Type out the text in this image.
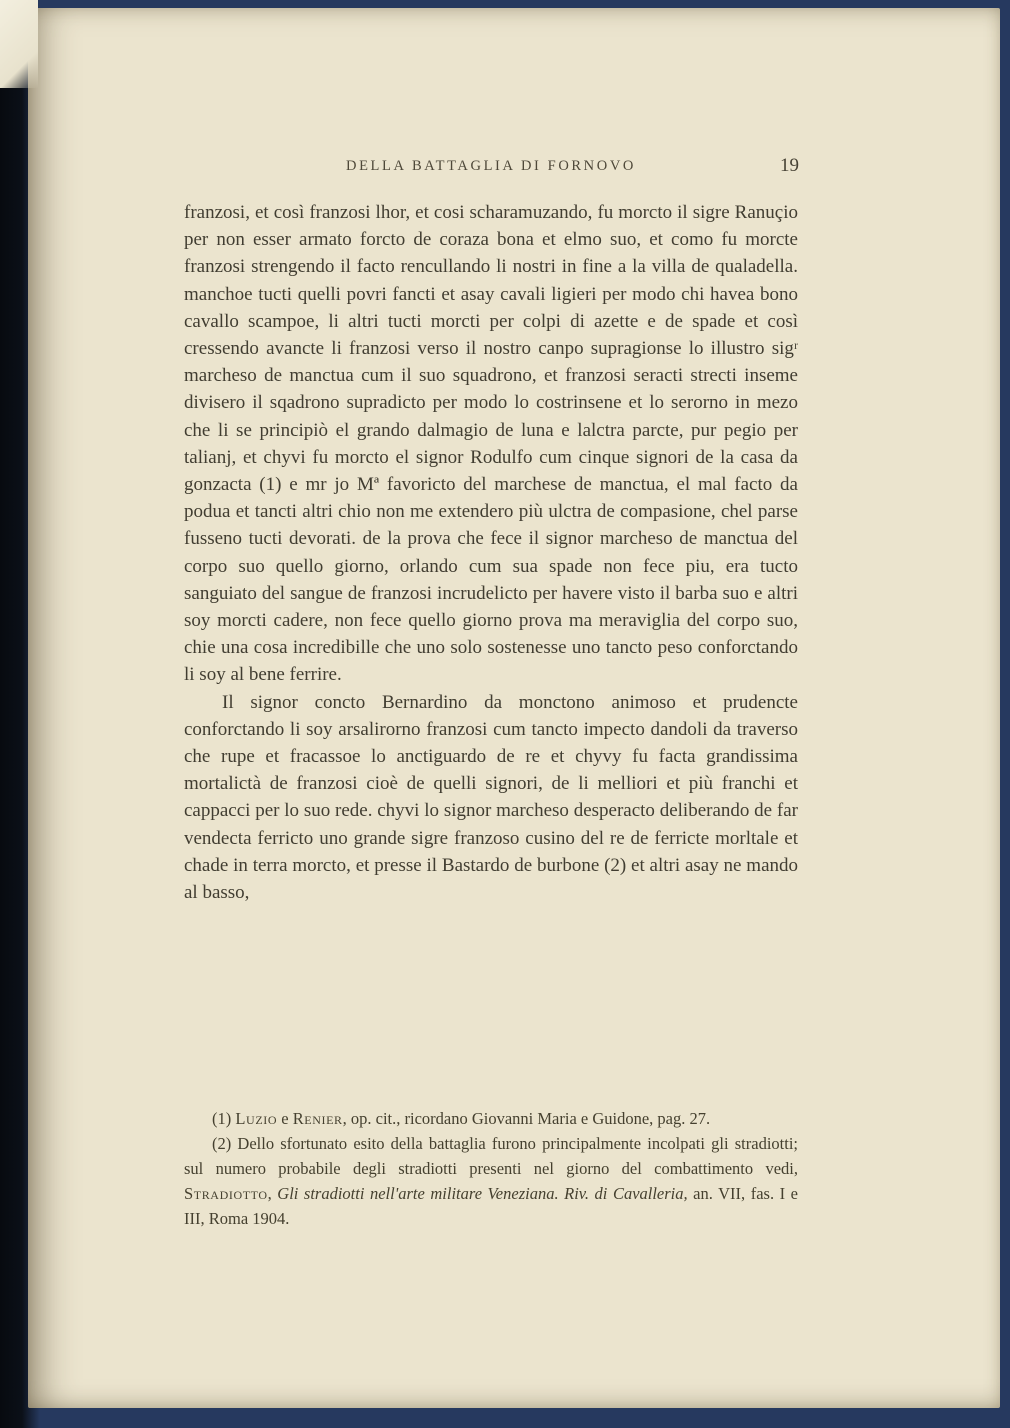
DELLA BATTAGLIA DI FORNOVO	19

franzosi, et così franzosi lhor, et cosi scharamuzando, fu morcto il sigre Ranuçio per non esser armato forcto de coraza bona et elmo suo, et como fu morcte franzosi strengendo il facto rencullando li nostri in fine a la villa de qualadella. manchoe tucti quelli povri fancti et asay cavali ligieri per modo chi havea bono cavallo scampoe, li altri tucti morcti per colpi di azette e de spade et così cressendo avancte li franzosi verso il nostro canpo supragionse lo illustro sigʳ marcheso de manctua cum il suo squadrono, et franzosi seracti strecti inseme divisero il sqadrono supradicto per modo lo costrinsene et lo serorno in mezo che li se principiò el grando dalmagio de luna e lalctra parcte, pur pegio per talianj, et chyvi fu morcto el signor Rodulfo cum cinque signori de la casa da gonzacta (1) e mr jo Mª favoricto del marchese de manctua, el mal facto da podua et tancti altri chio non me extendero più ulctra de compasione, chel parse fusseno tucti devorati. de la prova che fece il signor marcheso de manctua del corpo suo quello giorno, orlando cum sua spade non fece piu, era tucto sanguiato del sangue de franzosi incrudelicto per havere visto il barba suo e altri soy morcti cadere, non fece quello giorno prova ma meraviglia del corpo suo, chie una cosa incredibille che uno solo sostenesse uno tancto peso conforctando li soy al bene ferrire.

Il signor concto Bernardino da monctono animoso et prudencte conforctando li soy arsalirorno franzosi cum tancto impecto dandoli da traverso che rupe et fracassoe lo anctiguardo de re et chyvy fu facta grandissima mortalictà de franzosi cioè de quelli signori, de li melliori et più franchi et cappacci per lo suo rede. chyvi lo signor marcheso desperacto deliberando de far vendecta ferricto uno grande sigre franzoso cusino del re de ferricte morltale et chade in terra morcto, et presse il Bastardo de burbone (2) et altri asay ne mando al basso,

(1) Luzio e Renier, op. cit., ricordano Giovanni Maria e Guidone, pag. 27.

(2) Dello sfortunato esito della battaglia furono principalmente incolpati gli stradiotti; sul numero probabile degli stradiotti presenti nel giorno del combattimento vedi, Stradiotto, Gli stradiotti nell'arte militare Veneziana. Riv. di Cavalleria, an. VII, fas. I e III, Roma 1904.
